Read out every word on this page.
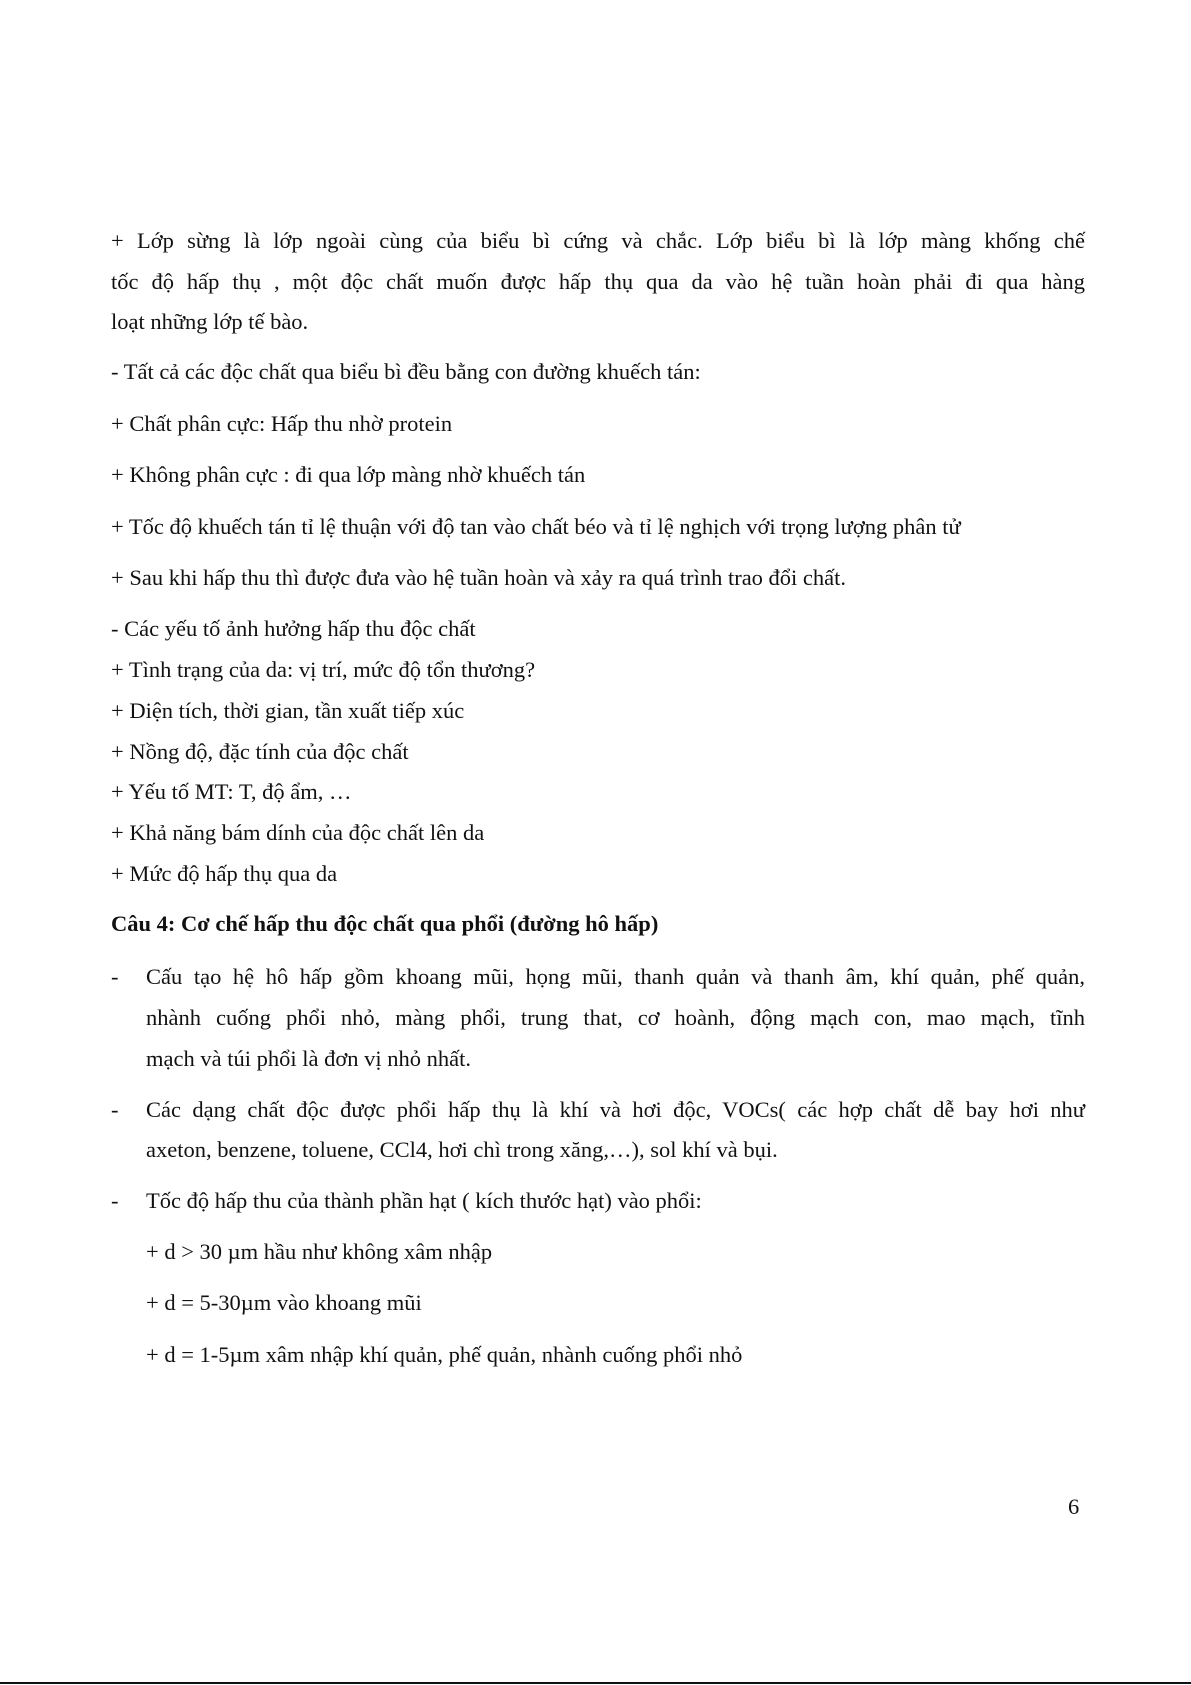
+ Lớp sừng là lớp ngoài cùng của biểu bì cứng và chắc. Lớp biểu bì là lớp màng khống chế
tốc độ hấp thụ , một độc chất muốn được hấp thụ qua da vào hệ tuần hoàn phải đi qua hàng
loạt những lớp tế bào.
- Tất cả các độc chất qua biểu bì đều bằng con đường khuếch tán:
+ Chất phân cực: Hấp thu nhờ protein
+ Không phân cực : đi qua lớp màng nhờ khuếch tán
+ Tốc độ khuếch tán tỉ lệ thuận với độ tan vào chất béo và tỉ lệ nghịch với trọng lượng phân tử
+ Sau khi hấp thu thì được đưa vào hệ tuần hoàn và xảy ra quá trình trao đổi chất.
- Các yếu tố ảnh hưởng hấp thu độc chất
+ Tình trạng của da: vị trí, mức độ tổn thương?
+ Diện tích, thời gian, tần xuất tiếp xúc
+ Nồng độ, đặc tính của độc chất
+ Yếu tố MT: T, độ ẩm, …
+ Khả năng bám dính của độc chất lên da
+ Mức độ hấp thụ qua da
Câu 4: Cơ chế hấp thu độc chất qua phổi (đường hô hấp)
- Cấu tạo hệ hô hấp gồm khoang mũi, họng mũi, thanh quản và thanh âm, khí quản, phế quản,
nhành cuống phổi nhỏ, màng phổi, trung that, cơ hoành, động mạch con, mao mạch, tĩnh
mạch và túi phổi là đơn vị nhỏ nhất.
- Các dạng chất độc được phổi hấp thụ là khí và hơi độc, VOCs( các hợp chất dễ bay hơi như
axeton, benzene, toluene, CCl4, hơi chì trong xăng,…), sol khí và bụi.
- Tốc độ hấp thu của thành phần hạt ( kích thước hạt) vào phổi:
+ d > 30 µm hầu như không xâm nhập
+ d = 5-30µm vào khoang mũi
+ d = 1-5µm xâm nhập khí quản, phế quản, nhành cuống phổi nhỏ
6
